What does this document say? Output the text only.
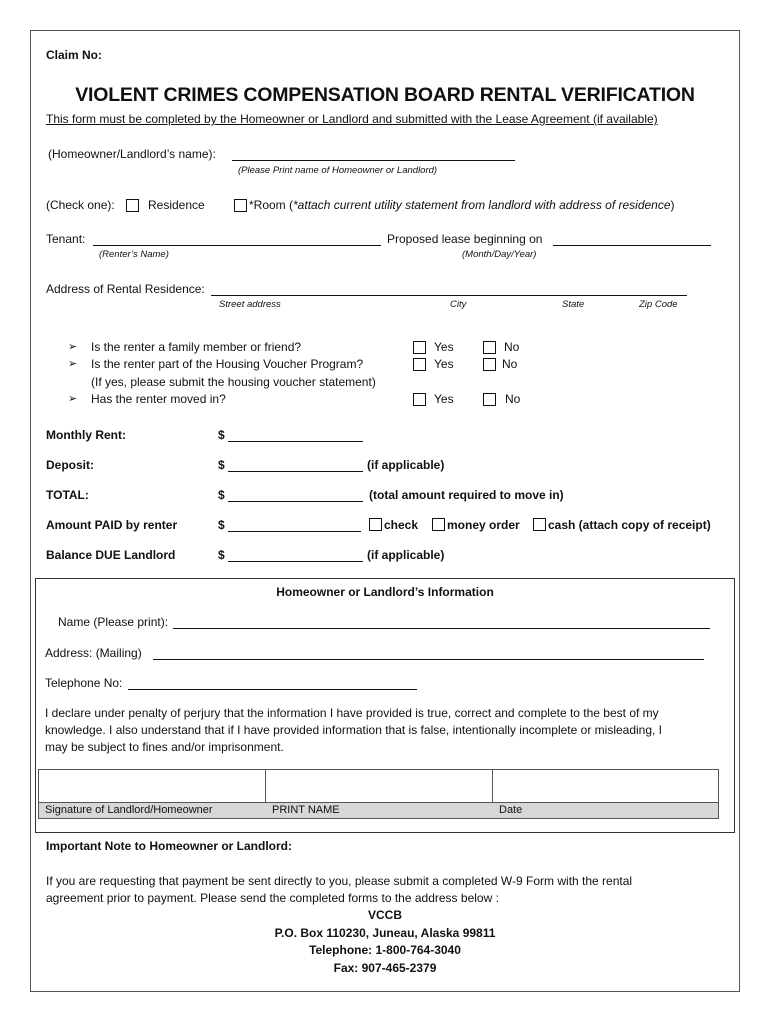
Claim No:
VIOLENT CRIMES COMPENSATION BOARD RENTAL VERIFICATION
This form must be completed by the Homeowner or Landlord and submitted with the Lease Agreement (if available)
(Homeowner/Landlord’s name):
(Please Print name of Homeowner or Landlord)
(Check one):	Residence	*Room (*attach current utility statement from landlord with address of residence)
Tenant:
(Renter’s Name)
Proposed lease beginning on
(Month/Day/Year)
Address of Rental Residence:
Street address	City	State	Zip Code
➢ Is the renter a family member or friend?	Yes	No
➢ Is the renter part of the Housing Voucher Program?	Yes	No
(If yes, please submit the housing voucher statement)
➢ Has the renter moved in?	Yes	No
Monthly Rent:	$
Deposit:	$	(if applicable)
TOTAL:	$	(total amount required to move in)
Amount PAID by renter	$	check money order cash (attach copy of receipt)
Balance DUE Landlord	$	(if applicable)
Homeowner or Landlord’s Information
Name (Please print):
Address: (Mailing)
Telephone No:
I declare under penalty of perjury that the information I have provided is true, correct and complete to the best of my
knowledge. I also understand that if I have provided information that is false, intentionally incomplete or misleading, I
may be subject to fines and/or imprisonment.
Signature of Landlord/Homeowner	PRINT NAME	Date
Important Note to Homeowner or Landlord:
If you are requesting that payment be sent directly to you, please submit a completed W-9 Form with the rental
agreement prior to payment. Please send the completed forms to the address below :
VCCB
P.O. Box 110230, Juneau, Alaska 99811
Telephone: 1-800-764-3040
Fax: 907-465-2379
